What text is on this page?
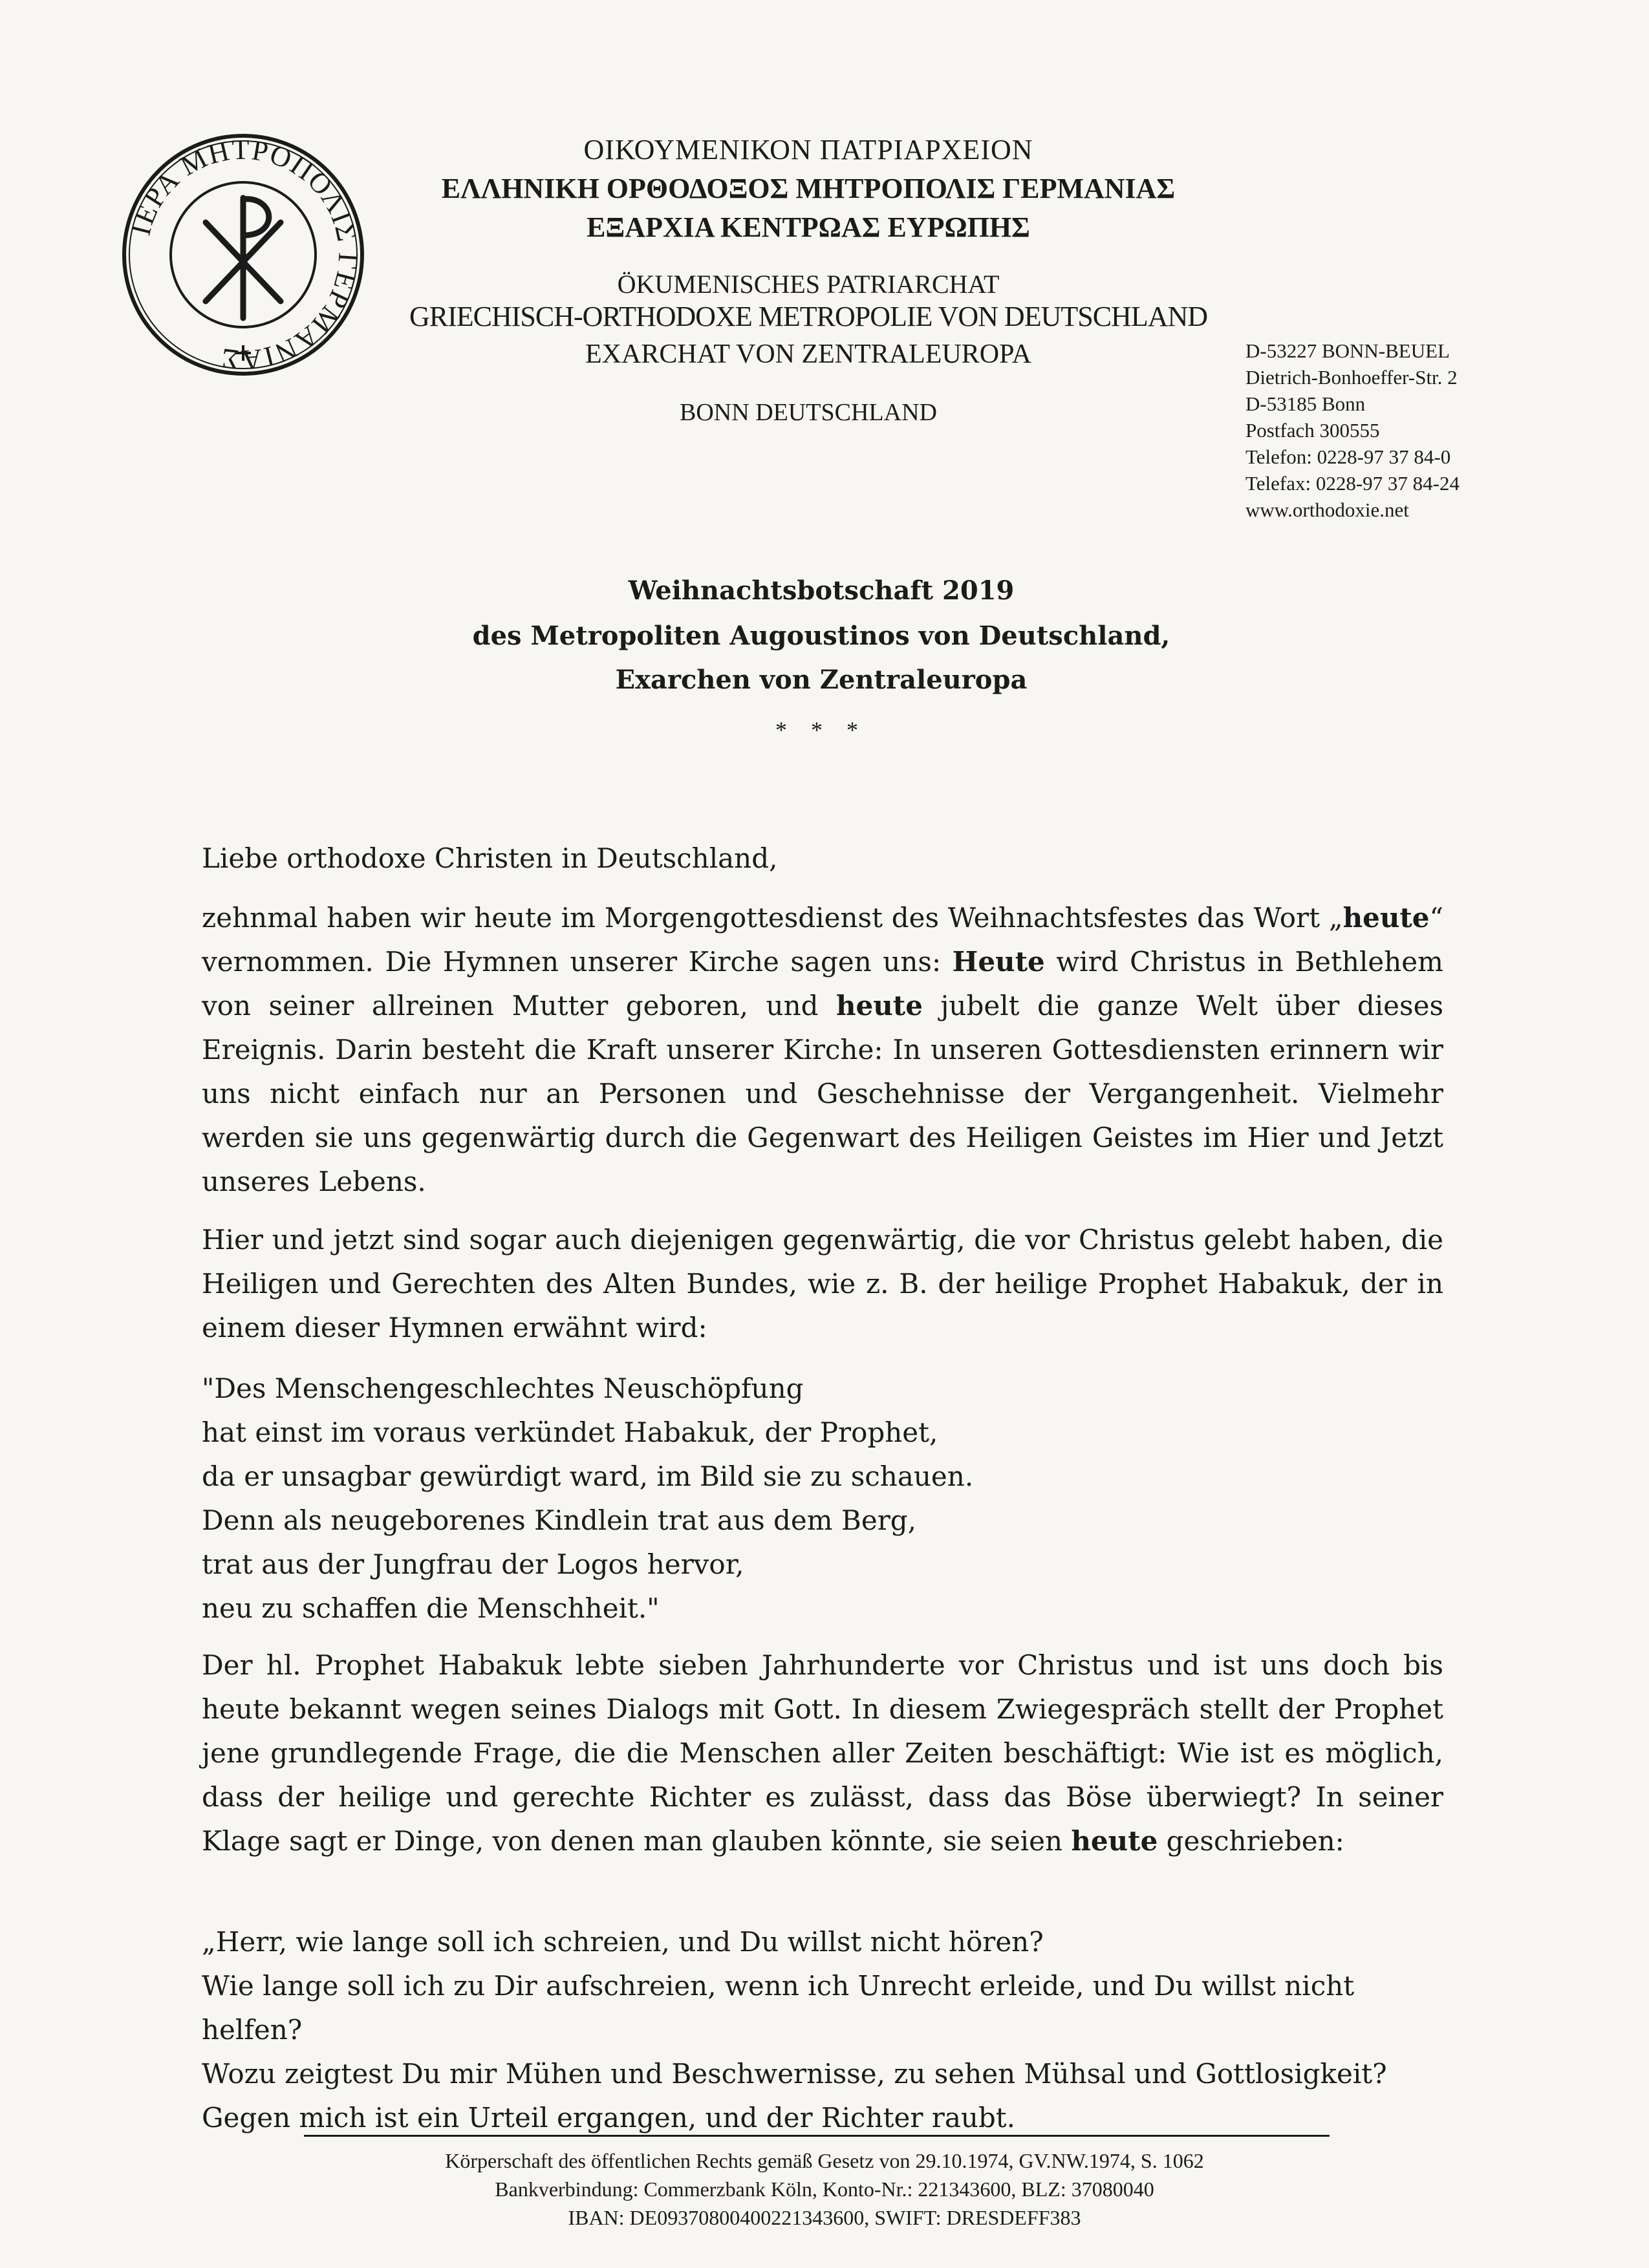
ΙΕΡΑ ΜΗΤΡΟΠΟΛΙΣ ΓΕΡΜΑΝΙΑΣ
ΟΙΚΟΥΜΕΝΙΚΟΝ ΠΑΤΡΙΑΡΧΕΙΟΝ
ΕΛΛΗΝΙΚΗ ΟΡΘΟΔΟΞΟΣ ΜΗΤΡΟΠΟΛΙΣ ΓΕΡΜΑΝΙΑΣ
ΕΞΑΡΧΙΑ ΚΕΝΤΡΩΑΣ ΕΥΡΩΠΗΣ
ÖKUMENISCHES PATRIARCHAT
GRIECHISCH-ORTHODOXE METROPOLIE VON DEUTSCHLAND
EXARCHAT VON ZENTRALEUROPA
BONN DEUTSCHLAND
D-53227 BONN-BEUEL
Dietrich-Bonhoeffer-Str. 2
D-53185 Bonn
Postfach 300555
Telefon: 0228-97 37 84-0
Telefax: 0228-97 37 84-24
www.orthodoxie.net
Weihnachtsbotschaft 2019
des Metropoliten Augoustinos von Deutschland,
Exarchen von Zentraleuropa
* * *

Liebe orthodoxe Christen in Deutschland,

zehnmal haben wir heute im Morgengottesdienst des Weihnachtsfestes das Wort „heute“ vernommen. Die Hymnen unserer Kirche sagen uns: Heute wird Christus in Bethlehem von seiner allreinen Mutter geboren, und heute jubelt die ganze Welt über dieses Ereignis. Darin besteht die Kraft unserer Kirche: In unseren Gottesdiensten erinnern wir uns nicht einfach nur an Personen und Geschehnisse der Vergangenheit. Vielmehr werden sie uns gegenwärtig durch die Gegenwart des Heiligen Geistes im Hier und Jetzt unseres Lebens.

Hier und jetzt sind sogar auch diejenigen gegenwärtig, die vor Christus gelebt haben, die Heiligen und Gerechten des Alten Bundes, wie z. B. der heilige Prophet Habakuk, der in einem dieser Hymnen erwähnt wird:

"Des Menschengeschlechtes Neuschöpfung
hat einst im voraus verkündet Habakuk, der Prophet,
da er unsagbar gewürdigt ward, im Bild sie zu schauen.
Denn als neugeborenes Kindlein trat aus dem Berg,
trat aus der Jungfrau der Logos hervor,
neu zu schaffen die Menschheit."

Der hl. Prophet Habakuk lebte sieben Jahrhunderte vor Christus und ist uns doch bis heute bekannt wegen seines Dialogs mit Gott. In diesem Zwiegespräch stellt der Prophet jene grundlegende Frage, die die Menschen aller Zeiten beschäftigt: Wie ist es möglich, dass der heilige und gerechte Richter es zulässt, dass das Böse überwiegt? In seiner Klage sagt er Dinge, von denen man glauben könnte, sie seien heute geschrieben:

„Herr, wie lange soll ich schreien, und Du willst nicht hören?
Wie lange soll ich zu Dir aufschreien, wenn ich Unrecht erleide, und Du willst nicht helfen?
Wozu zeigtest Du mir Mühen und Beschwernisse, zu sehen Mühsal und Gottlosigkeit?
Gegen mich ist ein Urteil ergangen, und der Richter raubt.
Körperschaft des öffentlichen Rechts gemäß Gesetz von 29.10.1974, GV.NW.1974, S. 1062
Bankverbindung: Commerzbank Köln, Konto-Nr.: 221343600, BLZ: 37080040
IBAN: DE09370800400221343600, SWIFT: DRESDEFF383
